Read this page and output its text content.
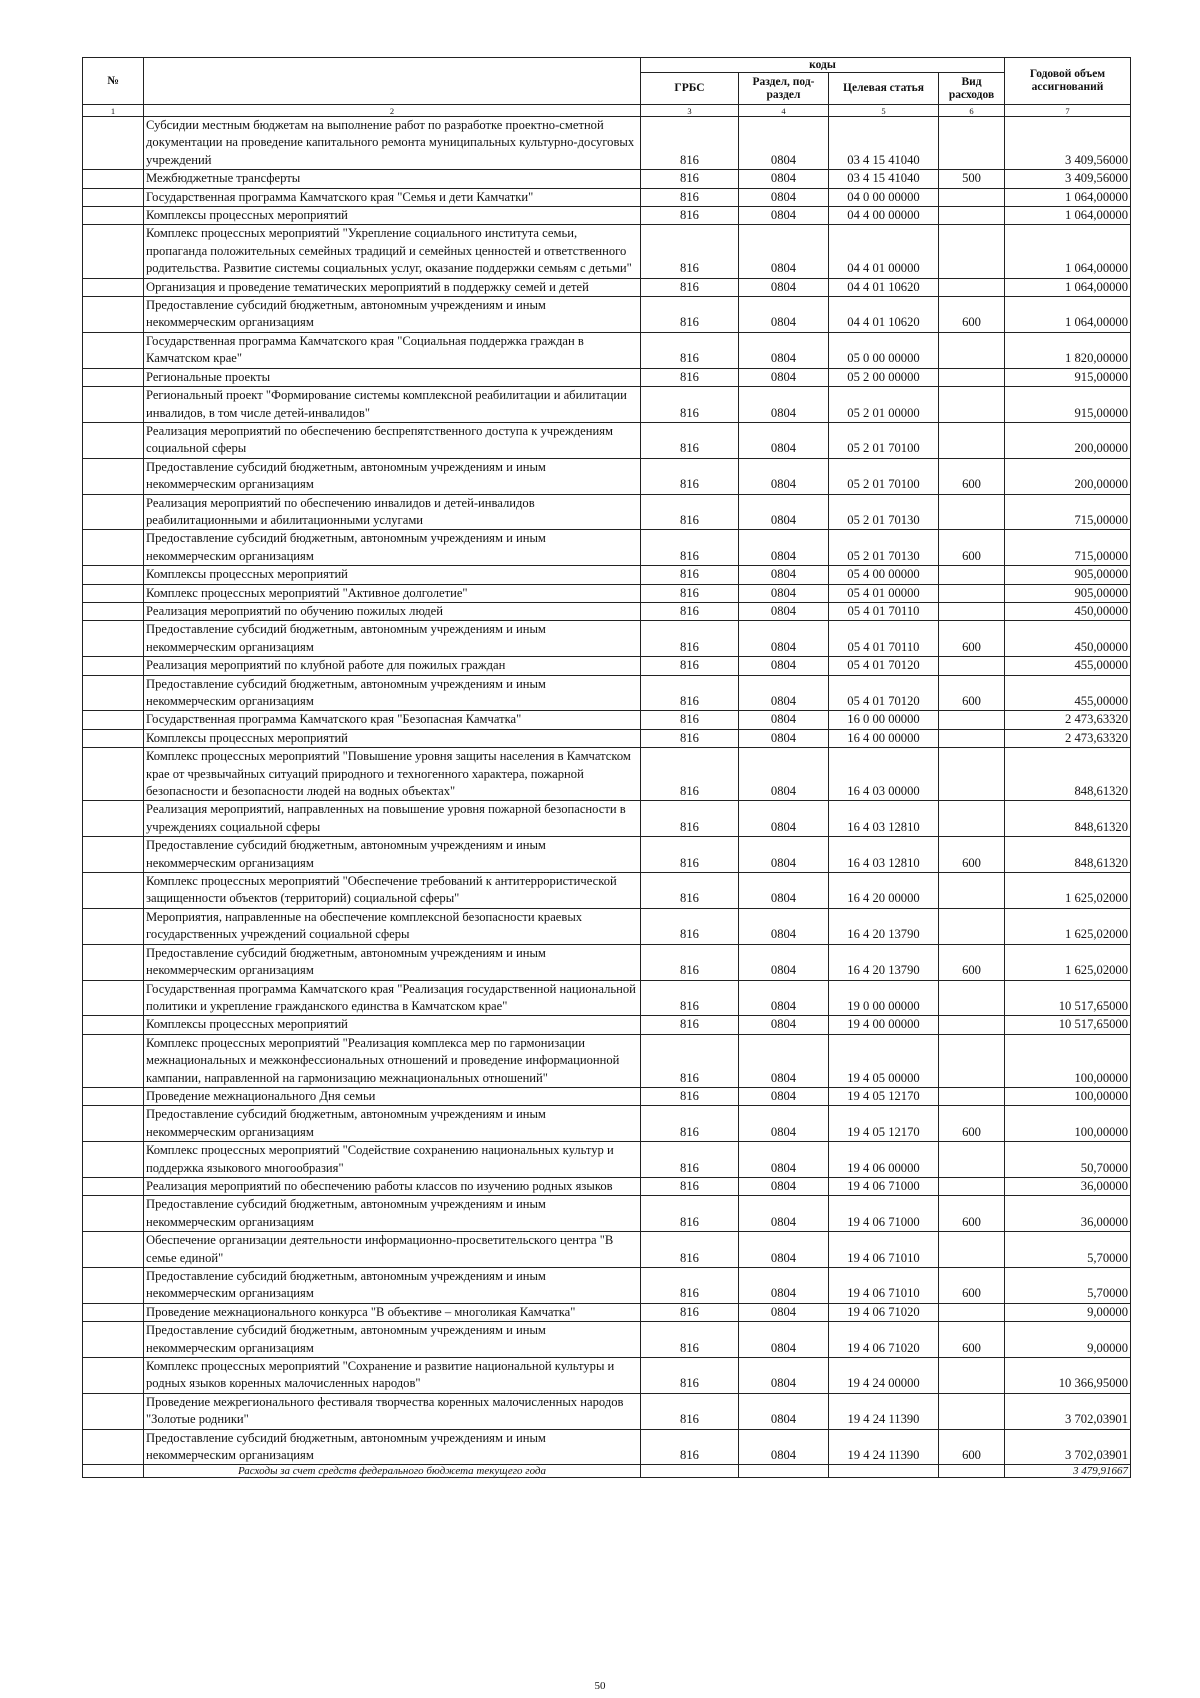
№		коды				Годовой объем ассигнований
		ГРБС	Раздел, под-раздел	Целевая статья	Вид расходов	
1	2	3	4	5	6	7
	Субсидии местным бюджетам на выполнение работ по разработке проектно-сметной документации на проведение капитального ремонта муниципальных культурно-досуговых учреждений	816	0804	03 4 15 41040		3 409,56000
	Межбюджетные трансферты	816	0804	03 4 15 41040	500	3 409,56000
	Государственная программа Камчатского края "Семья и дети Камчатки"	816	0804	04 0 00 00000		1 064,00000
	Комплексы процессных мероприятий	816	0804	04 4 00 00000		1 064,00000
	Комплекс процессных мероприятий "Укрепление социального института семьи, пропаганда положительных семейных традиций и семейных ценностей и ответственного родительства. Развитие системы социальных услуг, оказание поддержки семьям с детьми"	816	0804	04 4 01 00000		1 064,00000
	Организация и проведение тематических мероприятий в поддержку семей и детей	816	0804	04 4 01 10620		1 064,00000
	Предоставление субсидий бюджетным, автономным учреждениям и иным некоммерческим организациям	816	0804	04 4 01 10620	600	1 064,00000
	Государственная программа Камчатского края "Социальная поддержка граждан в Камчатском крае"	816	0804	05 0 00 00000		1 820,00000
	Региональные проекты	816	0804	05 2 00 00000		915,00000
	Региональный проект "Формирование системы комплексной реабилитации и абилитации инвалидов, в том числе детей-инвалидов"	816	0804	05 2 01 00000		915,00000
	Реализация мероприятий по обеспечению беспрепятственного доступа к учреждениям социальной сферы	816	0804	05 2 01 70100		200,00000
	Предоставление субсидий бюджетным, автономным учреждениям и иным некоммерческим организациям	816	0804	05 2 01 70100	600	200,00000
	Реализация мероприятий по обеспечению инвалидов и детей-инвалидов реабилитационными и абилитационными услугами	816	0804	05 2 01 70130		715,00000
	Предоставление субсидий бюджетным, автономным учреждениям и иным некоммерческим организациям	816	0804	05 2 01 70130	600	715,00000
	Комплексы процессных мероприятий	816	0804	05 4 00 00000		905,00000
	Комплекс процессных мероприятий "Активное долголетие"	816	0804	05 4 01 00000		905,00000
	Реализация мероприятий по обучению пожилых людей	816	0804	05 4 01 70110		450,00000
	Предоставление субсидий бюджетным, автономным учреждениям и иным некоммерческим организациям	816	0804	05 4 01 70110	600	450,00000
	Реализация мероприятий по клубной работе для пожилых граждан	816	0804	05 4 01 70120		455,00000
	Предоставление субсидий бюджетным, автономным учреждениям и иным некоммерческим организациям	816	0804	05 4 01 70120	600	455,00000
	Государственная программа Камчатского края "Безопасная Камчатка"	816	0804	16 0 00 00000		2 473,63320
	Комплексы процессных мероприятий	816	0804	16 4 00 00000		2 473,63320
	Комплекс процессных мероприятий "Повышение уровня защиты населения в Камчатском крае от чрезвычайных ситуаций природного и техногенного характера, пожарной безопасности и безопасности людей на водных объектах"	816	0804	16 4 03 00000		848,61320
	Реализация мероприятий, направленных на повышение уровня пожарной безопасности в учреждениях социальной сферы	816	0804	16 4 03 12810		848,61320
	Предоставление субсидий бюджетным, автономным учреждениям и иным некоммерческим организациям	816	0804	16 4 03 12810	600	848,61320
	Комплекс процессных мероприятий "Обеспечение требований к антитеррористической защищенности объектов (территорий) социальной сферы"	816	0804	16 4 20 00000		1 625,02000
	Мероприятия, направленные на обеспечение комплексной безопасности краевых государственных учреждений социальной сферы	816	0804	16 4 20 13790		1 625,02000
	Предоставление субсидий бюджетным, автономным учреждениям и иным некоммерческим организациям	816	0804	16 4 20 13790	600	1 625,02000
	Государственная программа Камчатского края "Реализация государственной национальной политики и укрепление гражданского единства в Камчатском крае"	816	0804	19 0 00 00000		10 517,65000
	Комплексы процессных мероприятий	816	0804	19 4 00 00000		10 517,65000
	Комплекс процессных мероприятий "Реализация комплекса мер по гармонизации межнациональных и межконфессиональных отношений и проведение информационной кампании, направленной на гармонизацию межнациональных отношений"	816	0804	19 4 05 00000		100,00000
	Проведение межнационального Дня семьи	816	0804	19 4 05 12170		100,00000
	Предоставление субсидий бюджетным, автономным учреждениям и иным некоммерческим организациям	816	0804	19 4 05 12170	600	100,00000
	Комплекс процессных мероприятий "Содействие сохранению национальных культур и поддержка языкового многообразия"	816	0804	19 4 06 00000		50,70000
	Реализация мероприятий по обеспечению работы классов по изучению родных языков	816	0804	19 4 06 71000		36,00000
	Предоставление субсидий бюджетным, автономным учреждениям и иным некоммерческим организациям	816	0804	19 4 06 71000	600	36,00000
	Обеспечение организации деятельности информационно-просветительского центра "В семье единой"	816	0804	19 4 06 71010		5,70000
	Предоставление субсидий бюджетным, автономным учреждениям и иным некоммерческим организациям	816	0804	19 4 06 71010	600	5,70000
	Проведение межнационального конкурса "В объективе – многоликая Камчатка"	816	0804	19 4 06 71020		9,00000
	Предоставление субсидий бюджетным, автономным учреждениям и иным некоммерческим организациям	816	0804	19 4 06 71020	600	9,00000
	Комплекс процессных мероприятий "Сохранение и развитие национальной культуры и родных языков коренных малочисленных народов"	816	0804	19 4 24 00000		10 366,95000
	Проведение межрегионального фестиваля творчества коренных малочисленных народов "Золотые родники"	816	0804	19 4 24 11390		3 702,03901
	Предоставление субсидий бюджетным, автономным учреждениям и иным некоммерческим организациям	816	0804	19 4 24 11390	600	3 702,03901
	Расходы за счет средств федерального бюджета текущего года					3 479,91667
50
